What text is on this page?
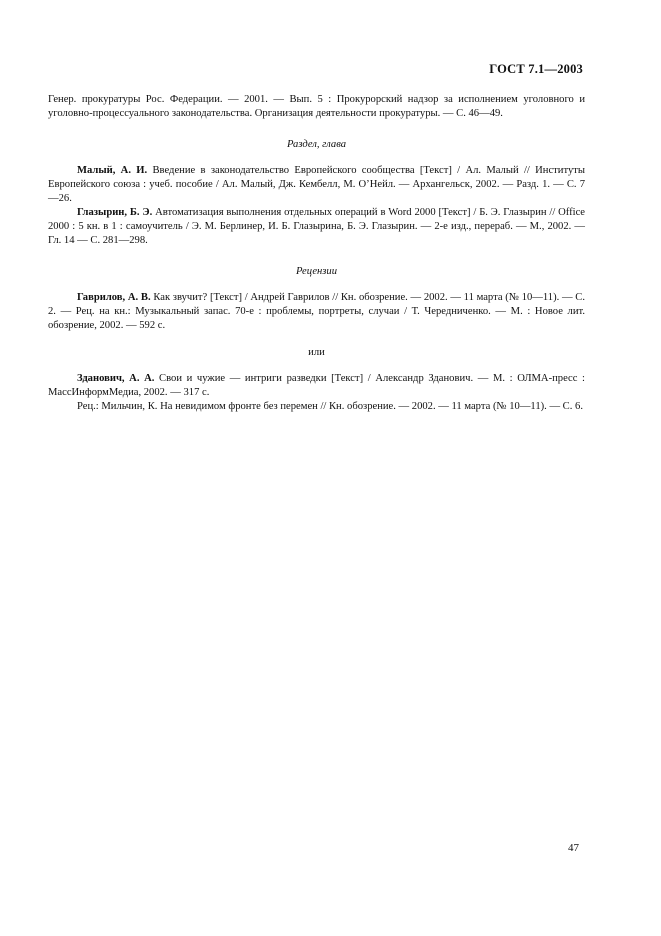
ГОСТ 7.1—2003

Генер. прокуратуры Рос. Федерации. — 2001. — Вып. 5 : Прокурорский надзор за исполнением уголовного и уголовно-процессуального законодательства. Организация деятельности прокуратуры. — С. 46—49.

Раздел, глава

Малый, А. И. Введение в законодательство Европейского сообщества [Текст] / Ал. Малый // Институты Европейского союза : учеб. пособие / Ал. Малый, Дж. Кембелл, М. О’Нейл. — Архангельск, 2002. — Разд. 1. — С. 7—26.

Глазырин, Б. Э. Автоматизация выполнения отдельных операций в Word 2000 [Текст] / Б. Э. Глазырин // Office 2000 : 5 кн. в 1 : самоучитель / Э. М. Берлинер, И. Б. Глазырина, Б. Э. Глазырин. — 2-е изд., перераб. — М., 2002. — Гл. 14 — С. 281—298.

Рецензии

Гаврилов, А. В. Как звучит? [Текст] / Андрей Гаврилов // Кн. обозрение. — 2002. — 11 марта (№ 10—11). — С. 2. — Рец. на кн.: Музыкальный запас. 70-е : проблемы, портреты, случаи / Т. Чередниченко. — М. : Новое лит. обозрение, 2002. — 592 с.

или

Зданович, А. А. Свои и чужие — интриги разведки [Текст] / Александр Зданович. — М. : ОЛМА-пресс : МассИнформМедиа, 2002. — 317 с.

Рец.: Мильчин, К. На невидимом фронте без перемен // Кн. обозрение. — 2002. — 11 марта (№ 10—11). — С. 6.

47
